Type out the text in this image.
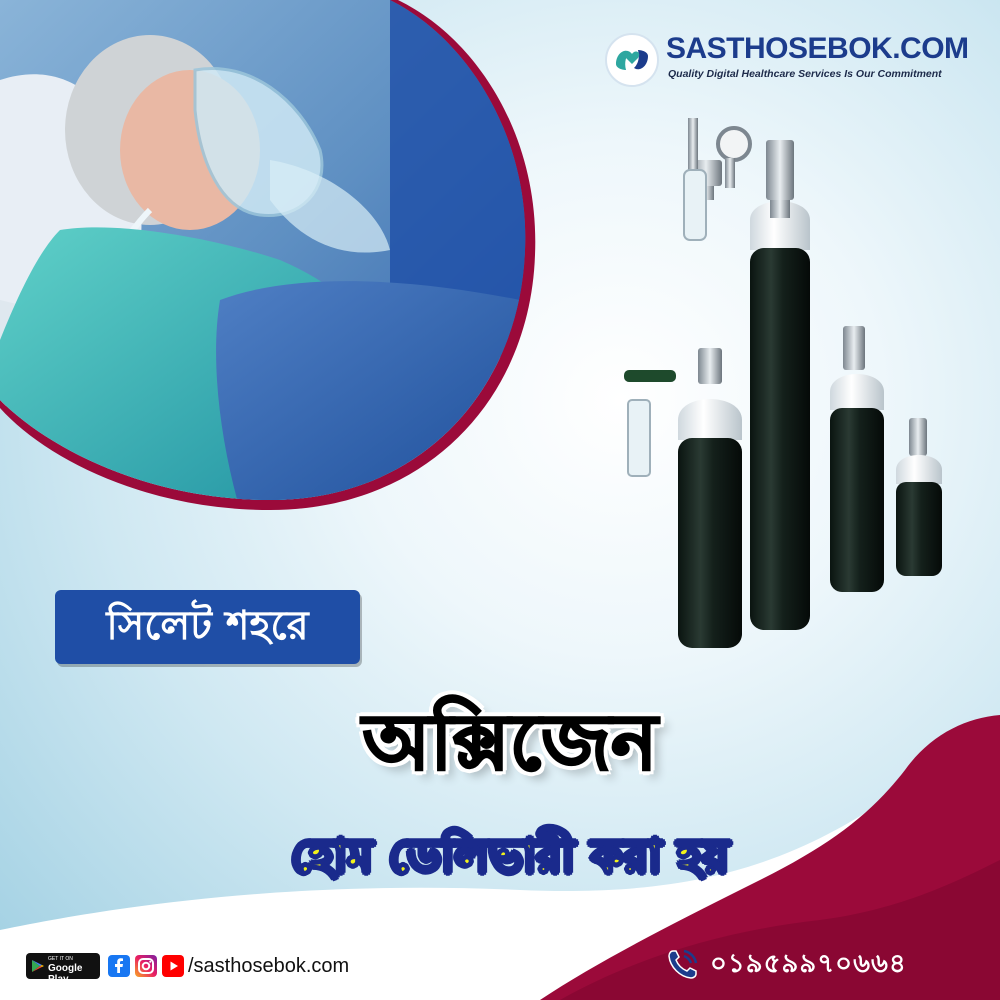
SASTHOSEBOK.COM
Quality Digital Healthcare Services Is Our Commitment
সিলেট শহরে
অক্সিজেন
হোম ডেলিভারী করা হয়
GET IT ON
Google Play
/sasthosebok.com	০১৯৫৯৯৭০৬৬৪
